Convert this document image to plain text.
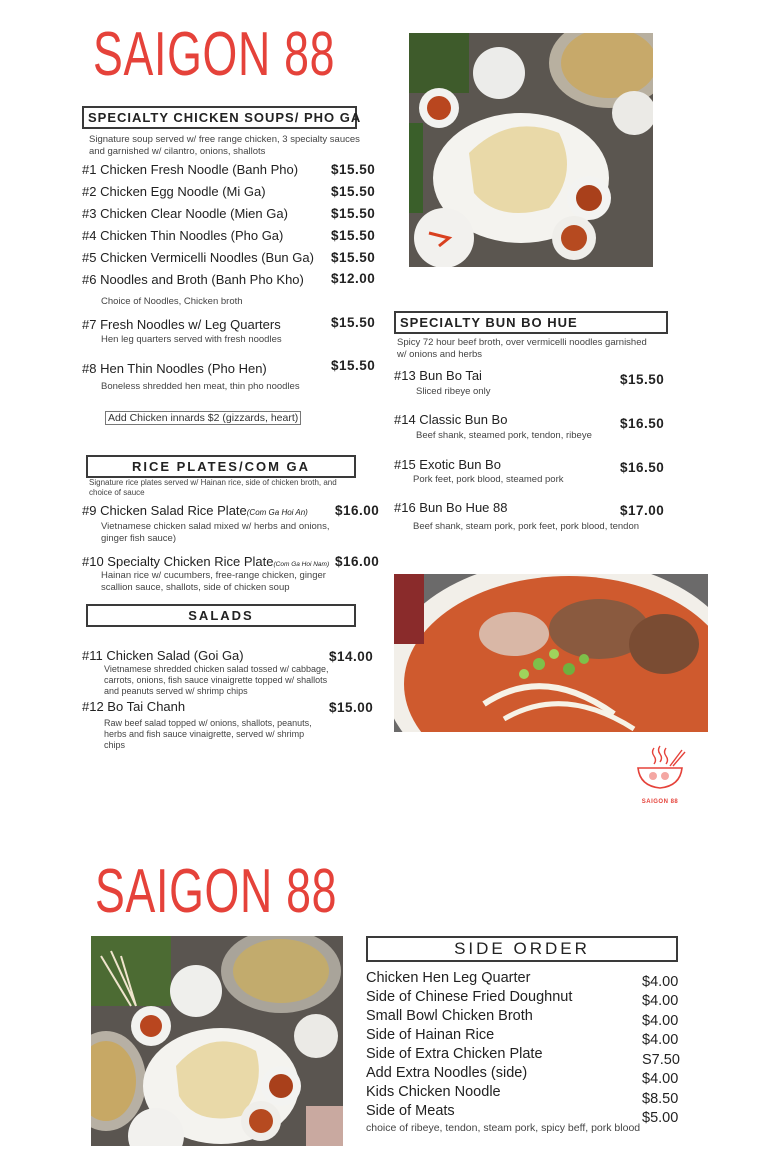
SAIGON 88
SPECIALTY CHICKEN SOUPS/ PHO GA
Signature soup served w/ free range chicken, 3 specialty sauces and garnished w/ cilantro, onions, shallots
#1 Chicken Fresh Noodle (Banh Pho) $15.50
#2 Chicken Egg Noodle (Mi Ga)	$15.50
#3 Chicken Clear Noodle (Mien Ga)	$15.50
#4 Chicken Thin Noodles (Pho Ga)	$15.50
#5 Chicken Vermicelli Noodles (Bun Ga) $15.50
#6 Noodles and Broth (Banh Pho Kho) $12.00
Choice of Noodles, Chicken broth
#7 Fresh Noodles w/ Leg Quarters	$15.50
Hen leg quarters served with fresh noodles
#8 Hen Thin Noodles (Pho Hen)	$15.50
Boneless shredded hen meat, thin pho noodles
Add Chicken innards $2 (gizzards, heart)
RICE PLATES/COM GA
Signature rice plates served w/ Hainan rice, side of chicken broth, and choice of sauce
#9 Chicken Salad Rice Plate(Com Ga Hoi An) $16.00
Vietnamese chicken salad mixed w/ herbs and onions, ginger fish sauce)
#10 Specialty Chicken Rice Plate(Com Ga Hoi Nam) $16.00
Hainan rice w/ cucumbers, free-range chicken, ginger scallion sauce, shallots, side of chicken soup
SALADS
#11 Chicken Salad (Goi Ga)	$14.00
Vietnamese shredded chicken salad tossed w/ cabbage, carrots, onions, fish sauce vinaigrette topped w/ shallots and peanuts served w/ shrimp chips
#12 Bo Tai Chanh	$15.00
Raw beef salad topped w/ onions, shallots, peanuts, herbs and fish sauce vinaigrette, served w/ shrimp chips
SPECIALTY BUN BO HUE
Spicy 72 hour beef broth, over vermicelli noodles garnished w/ onions and herbs
#13 Bun Bo Tai	$15.50
Sliced ribeye only
#14 Classic Bun Bo	$16.50
Beef shank, steamed pork, tendon, ribeye
#15 Exotic Bun Bo	$16.50
Pork feet, pork blood, steamed pork
#16 Bun Bo Hue 88	$17.00
Beef shank, steam pork, pork feet, pork blood, tendon
SAIGON 88
SAIGON 88
SIDE ORDER
Chicken Hen Leg Quarter	$4.00
Side of Chinese Fried Doughnut	$4.00
Small Bowl Chicken Broth	$4.00
Side of Hainan Rice	$4.00
Side of Extra Chicken Plate	S7.50
Add Extra Noodles (side)	$4.00
Kids Chicken Noodle	$8.50
Side of Meats	$5.00
choice of ribeye, tendon, steam pork, spicy beff, pork blood
